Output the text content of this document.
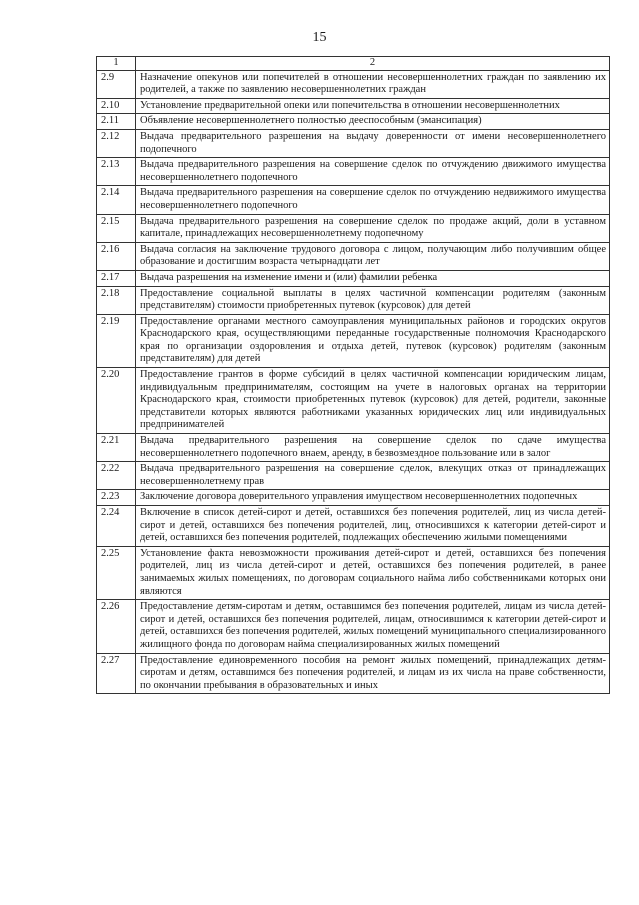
15
1	2
2.9	Назначение опекунов или попечителей в отношении несовершеннолетних граждан по заявлению их родителей, а также по заявлению несовершеннолетних граждан
2.10	Установление предварительной опеки или попечительства в отношении несовершеннолетних
2.11	Объявление несовершеннолетнего полностью дееспособным (эмансипация)
2.12	Выдача предварительного разрешения на выдачу доверенности от имени несовершеннолетнего подопечного
2.13	Выдача предварительного разрешения на совершение сделок по отчуждению движимого имущества несовершеннолетнего подопечного
2.14	Выдача предварительного разрешения на совершение сделок по отчуждению недвижимого имущества несовершеннолетнего подопечного
2.15	Выдача предварительного разрешения на совершение сделок по продаже акций, доли в уставном капитале, принадлежащих несовершеннолетнему подопечному
2.16	Выдача согласия на заключение трудового договора с лицом, получающим либо получившим общее образование и достигшим возраста четырнадцати лет
2.17	Выдача разрешения на изменение имени и (или) фамилии ребенка
2.18	Предоставление социальной выплаты в целях частичной компенсации родителям (законным представителям) стоимости приобретенных путевок (курсовок) для детей
2.19	Предоставление органами местного самоуправления муниципальных районов и городских округов Краснодарского края, осуществляющими переданные государственные полномочия Краснодарского края по организации оздоровления и отдыха детей, путевок (курсовок) родителям (законным представителям) для детей
2.20	Предоставление грантов в форме субсидий в целях частичной компенсации юридическим лицам, индивидуальным предпринимателям, состоящим на учете в налоговых органах на территории Краснодарского края, стоимости приобретенных путевок (курсовок) для детей, родители, законные представители которых являются работниками указанных юридических лиц или индивидуальных предпринимателей
2.21	Выдача предварительного разрешения на совершение сделок по сдаче имущества несовершеннолетнего подопечного внаем, аренду, в безвозмездное пользование или в залог
2.22	Выдача предварительного разрешения на совершение сделок, влекущих отказ от принадлежащих несовершеннолетнему прав
2.23	Заключение договора доверительного управления имуществом несовершеннолетних подопечных
2.24	Включение в список детей-сирот и детей, оставшихся без попечения родителей, лиц из числа детей-сирот и детей, оставшихся без попечения родителей, лиц, относившихся к категории детей-сирот и детей, оставшихся без попечения родителей, подлежащих обеспечению жилыми помещениями
2.25	Установление факта невозможности проживания детей-сирот и детей, оставшихся без попечения родителей, лиц из числа детей-сирот и детей, оставшихся без попечения родителей, в ранее занимаемых жилых помещениях, по договорам социального найма либо собственниками которых они являются
2.26	Предоставление детям-сиротам и детям, оставшимся без попечения родителей, лицам из числа детей-сирот и детей, оставшихся без попечения родителей, лицам, относившимся к категории детей-сирот и детей, оставшихся без попечения родителей, жилых помещений муниципального специализированного жилищного фонда по договорам найма специализированных жилых помещений
2.27	Предоставление единовременного пособия на ремонт жилых помещений, принадлежащих детям-сиротам и детям, оставшимся без попечения родителей, и лицам из их числа на праве собственности, по окончании пребывания в образовательных и иных
